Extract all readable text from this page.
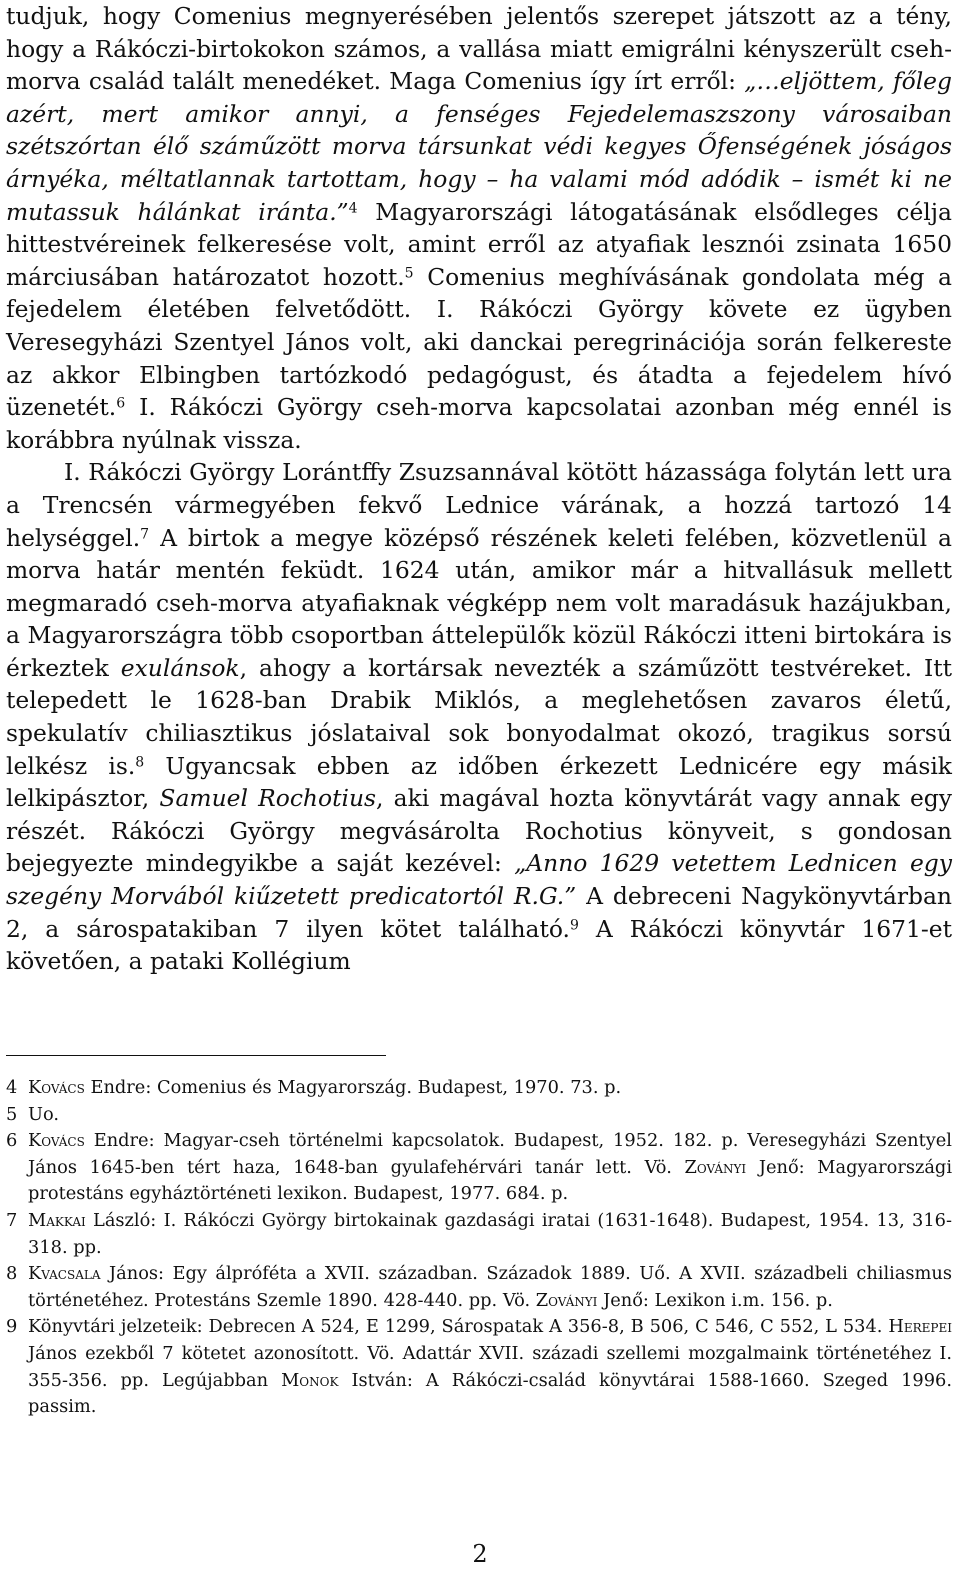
tudjuk, hogy Comenius megnyerésében jelentős szerepet játszott az a tény, hogy a Rákóczi-birtokokon számos, a vallása miatt emigrálni kényszerült cseh-morva család talált menedéket. Maga Comenius így írt erről: „…eljöttem, főleg azért, mert amikor annyi, a fenséges Fejedelemaszszony városaiban szétszórtan élő száműzött morva társunkat védi kegyes Őfenségének jóságos árnyéka, méltatlannak tartottam, hogy – ha valami mód adódik – ismét ki ne mutassuk hálánkat iránta.”$^4$ Magyarországi látogatásának elsődleges célja hittestvéreinek felkeresése volt, amint erről az atyafiak lesznói zsinata 1650 márciusában határozatot hozott.$^5$ Comenius meghívásának gondolata még a fejedelem életében felvetődött. I. Rákóczi György követe ez ügyben Veresegyházi Szentyel János volt, aki danckai peregrinációja során felkereste az akkor Elbingben tartózkodó pedagógust, és átadta a fejedelem hívó üzenetét.$^6$ I. Rákóczi György cseh-morva kapcsolatai azonban még ennél is korábbra nyúlnak vissza.

I. Rákóczi György Lorántffy Zsuzsannával kötött házassága folytán lett ura a Trencsén vármegyében fekvő Lednice várának, a hozzá tartozó 14 helységgel.$^7$ A birtok a megye középső részének keleti felében, közvetlenül a morva határ mentén feküdt. 1624 után, amikor már a hitvallásuk mellett megmaradó cseh-morva atyafiaknak végképp nem volt maradásuk hazájukban, a Magyarországra több csoportban áttelepülők közül Rákóczi itteni birtokára is érkeztek exulánsok, ahogy a kortársak nevezték a száműzött testvéreket. Itt telepedett le 1628-ban Drabik Miklós, a meglehetősen zavaros életű, spekulatív chiliasztikus jóslataival sok bonyodalmat okozó, tragikus sorsú lelkész is.$^8$ Ugyancsak ebben az időben érkezett Lednicére egy másik lelkipásztor, Samuel Rochotius, aki magával hozta könyvtárát vagy annak egy részét. Rákóczi György megvásárolta Rochotius könyveit, s gondosan bejegyezte mindegyikbe a saját kezével: „Anno 1629 vetettem Lednicen egy szegény Morvából kiűzetett predicatortól R.G.” A debreceni Nagykönyvtárban 2, a sárospatakiban 7 ilyen kötet található.$^9$ A Rákóczi könyvtár 1671-et követően, a pataki Kollégium

4 Kovács Endre: Comenius és Magyarország. Budapest, 1970. 73. p.

5 Uo.

6 Kovács Endre: Magyar-cseh történelmi kapcsolatok. Budapest, 1952. 182. p. Veresegyházi Szentyel János 1645-ben tért haza, 1648-ban gyulafehérvári tanár lett. Vö. Zoványi Jenő: Magyarországi protestáns egyháztörténeti lexikon. Budapest, 1977. 684. p.

7 Makkai László: I. Rákóczi György birtokainak gazdasági iratai (1631-1648). Budapest, 1954. 13, 316-318. pp.

8 Kvacsala János: Egy álpróféta a XVII. században. Századok 1889. Uő. A XVII. századbeli chiliasmus történetéhez. Protestáns Szemle 1890. 428-440. pp. Vö. Zoványi Jenő: Lexikon i.m. 156. p.

9 Könyvtári jelzeteik: Debrecen A 524, E 1299, Sárospatak A 356-8, B 506, C 546, C 552, L 534. Herepei János ezekből 7 kötetet azonosított. Vö. Adattár XVII. századi szellemi mozgalmaink történetéhez I. 355-356. pp. Legújabban Monok István: A Rákóczi-család könyvtárai 1588-1660. Szeged 1996. passim.

2
